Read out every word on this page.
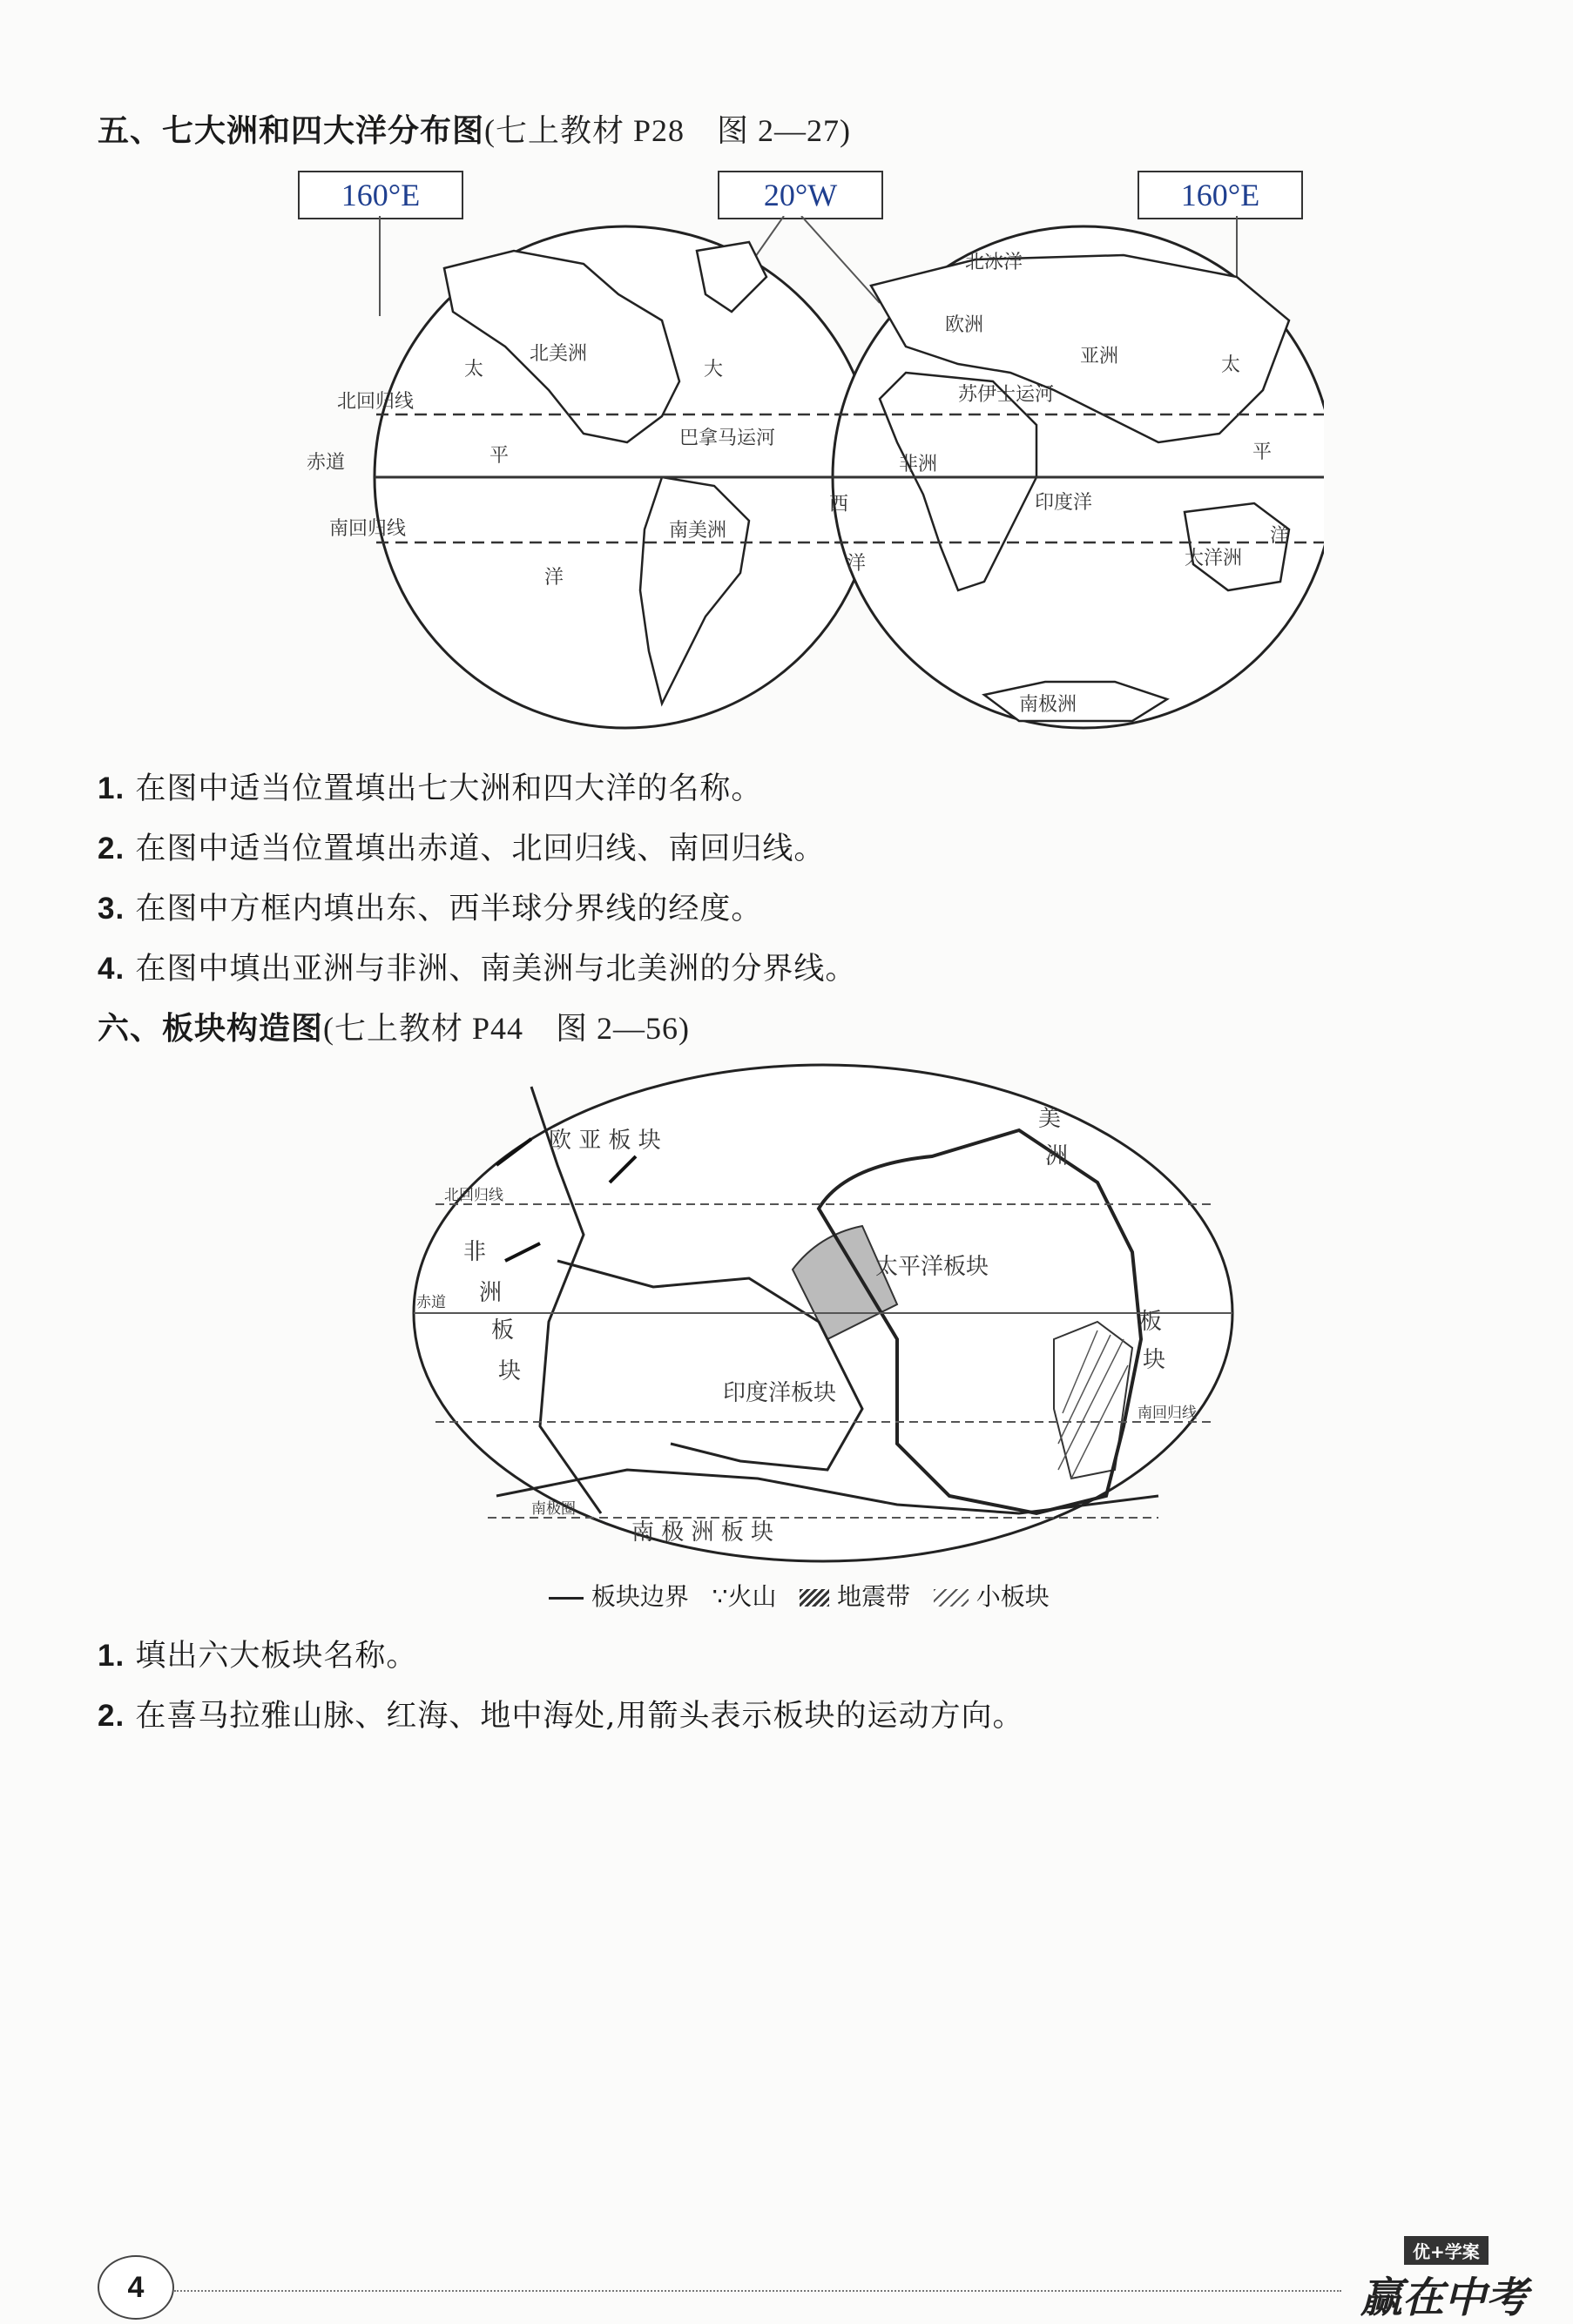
五、七大洲和四大洋分布图(七上教材 P28　图 2—27)
160°E	20°W	160°E
北美洲
太	大
北回归线
巴拿马运河
平
赤道
南回归线	南美洲
洋
北冰洋
欧洲
亚洲	太
苏伊士运河
平
非洲
西	印度洋
洋
洋	大洋洲
南极洲
1. 在图中适当位置填出七大洲和四大洋的名称。
2. 在图中适当位置填出赤道、北回归线、南回归线。
3. 在图中方框内填出东、西半球分界线的经度。
4. 在图中填出亚洲与非洲、南美洲与北美洲的分界线。
六、板块构造图(七上教材 P44　图 2—56)
欧 亚 板 块
太平洋板块
印度洋板块
南 极 洲 板 块
非
洲
板
块
美
洲
板
块
北回归线
赤道
南回归线
南极圈
板块边界 ∵火山 地震带	小板块
1. 填出六大板块名称。
2. 在喜马拉雅山脉、红海、地中海处,用箭头表示板块的运动方向。
4
优+学案
赢在中考
